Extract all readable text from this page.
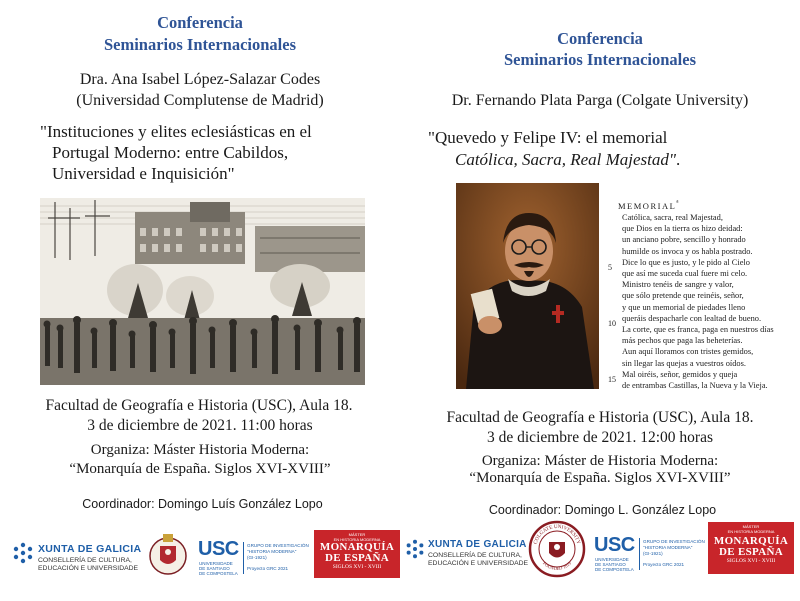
Conferencia
Seminarios Internacionales
Dra. Ana Isabel López-Salazar Codes
(Universidad Complutense de Madrid)
"Instituciones y elites eclesiásticas en el
Portugal Moderno: entre Cabildos,
Universidad e Inquisición"
Facultad de Geografía e Historia (USC), Aula 18.
3 de diciembre de 2021. 11:00 horas
Organiza: Máster Historia Moderna:
“Monarquía de España. Siglos XVI-XVIII”
Coordinador: Domingo Luís González Lopo
Conferencia
Seminarios Internacionales
Dr. Fernando Plata Parga (Colgate University)
"Quevedo y Felipe IV: el memorial
Católica, Sacra, Real Majestad".
MEMORIAL$^a$
5
10
15
Católica, sacra, real Majestad,
que Dios en la tierra os hizo deidad:
un anciano pobre, sencillo y honrado
humilde os invoca y os habla postrado.
Dice lo que es justo, y le pido al Cielo
que así me suceda cual fuere mi celo.
Ministro tenéis de sangre y valor,
que sólo pretende que reinéis, señor,
y que un memorial de piedades lleno
queráis despacharle con lealtad de bueno.
La corte, que es franca, paga en nuestros días
más pechos que paga las beheterías.
Aun aquí lloramos con tristes gemidos,
sin llegar las quejas a vuestros oídos.
Mal oiréis, señor, gemidos y queja
de entrambas Castillas, la Nueva y la Vieja.
Facultad de Geografía e Historia (USC), Aula 18.
3 de diciembre de 2021. 12:00 horas
Organiza: Máster de Historia Moderna:
“Monarquía de España. Siglos XVI-XVIII”
Coordinador: Domingo L. González Lopo
XUNTA DE GALICIA
CONSELLERÍA DE CULTURA,
EDUCACIÓN E UNIVERSIDADE
USC
UNIVERSIDADE
DE SANTIAGO
DE COMPOSTELA
GRUPO DE INVESTIGACIÓN
"HISTORIA MODERNA"
(GI-1921)
Proyecto GRC 2021
MÁSTER
EN HISTORIA MODERNA
MONARQUÍA
DE ESPAÑA
SIGLOS XVI - XVIII
XUNTA DE GALICIA
CONSELLERÍA DE CULTURA,
EDUCACIÓN E UNIVERSIDADE
COLGATE UNIVERSITY
FOUNDED 1819
USC
UNIVERSIDADE
DE SANTIAGO
DE COMPOSTELA
GRUPO DE INVESTIGACIÓN
"HISTORIA MODERNA"
(GI-1921)
Proyecto GRC 2021
MÁSTER
EN HISTORIA MODERNA
MONARQUÍA
DE ESPAÑA
SIGLOS XVI - XVIII
